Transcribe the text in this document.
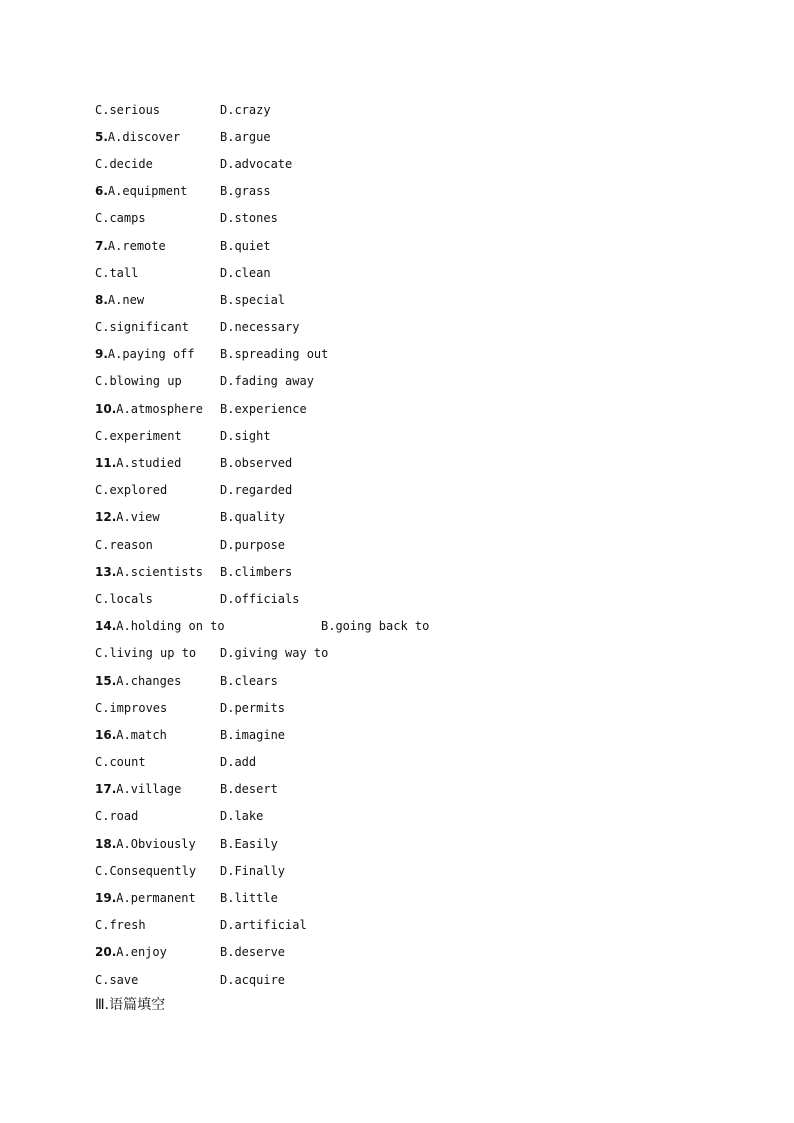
C.serious	D.crazy
5.A.discover	B.argue
C.decide	D.advocate
6.A.equipment	B.grass
C.camps	D.stones
7.A.remote	B.quiet
C.tall	D.clean
8.A.new	B.special
C.significant	D.necessary
9.A.paying off	B.spreading out
C.blowing up	D.fading away
10.A.atmosphere	B.experience
C.experiment	D.sight
11.A.studied	B.observed
C.explored	D.regarded
12.A.view	B.quality
C.reason	D.purpose
13.A.scientists	B.climbers
C.locals	D.officials
14.A.holding on to	B.going back to
C.living up to	D.giving way to
15.A.changes	B.clears
C.improves	D.permits
16.A.match	B.imagine
C.count	D.add
17.A.village	B.desert
C.road	D.lake
18.A.Obviously	B.Easily
C.Consequently	D.Finally
19.A.permanent	B.little
C.fresh	D.artificial
20.A.enjoy	B.deserve
C.save	D.acquire
Ⅲ.语篇填空
